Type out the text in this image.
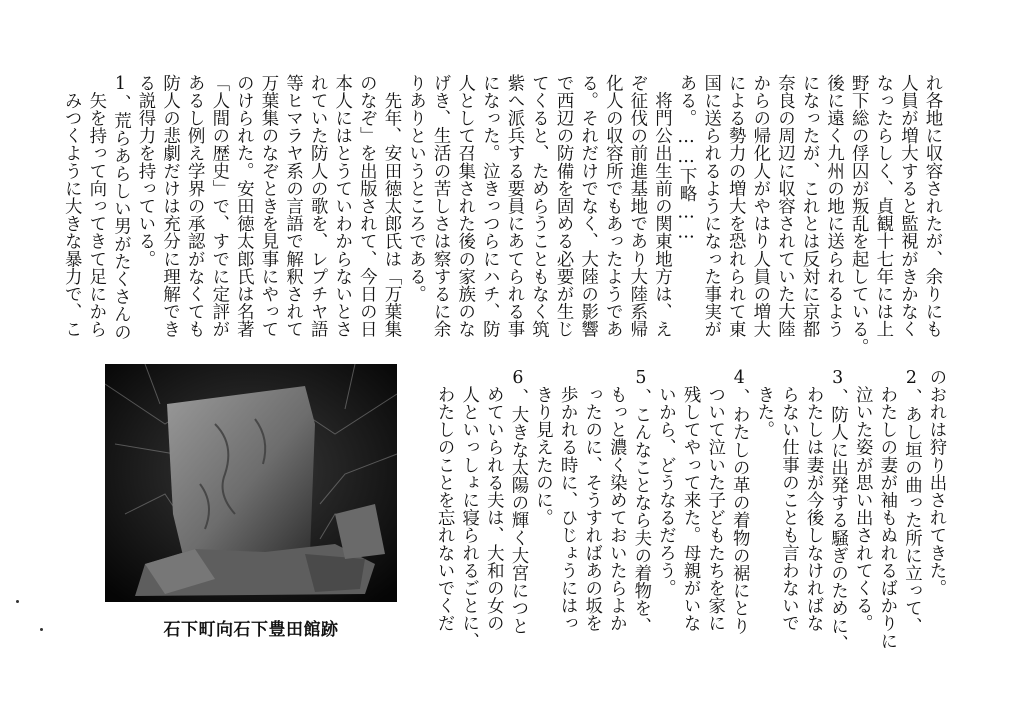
れ各地に収容されたが、余りにも
人員が増大すると監視がきかなく
なったらしく、貞観十七年には上
野下総の俘囚が叛乱を起している。
後に遠く九州の地に送られるよう
になったが、これとは反対に京都
奈良の周辺に収容されていた大陸
からの帰化人がやはり人員の増大
による勢力の増大を恐れられて東
国に送られるようになった事実が
ある。……下略……
　将門公出生前の関東地方は、え
ぞ征伐の前進基地であり大陸系帰
化人の収容所でもあったようであ
る。それだけでなく、大陸の影響
で西辺の防備を固める必要が生じ
てくると、ためらうこともなく筑
紫へ派兵する要員にあてられる事
になった。泣きっつらにハチ、防
人として召集された後の家族のな
げき、生活の苦しさは察するに余
りありというところである。
　先年、安田徳太郎氏は「万葉集
のなぞ」を出版されて、今日の日
本人にはとうていわからないとさ
れていた防人の歌を、レプチヤ語
等ヒマラヤ系の言語で解釈されて
万葉集のなぞときを見事にやって
のけられた。安田徳太郎氏は名著
「人間の歴史」で、すでに定評が
あるし例え学界の承認がなくても
防人の悲劇だけは充分に理解でき
る説得力を持っている。
1、荒らあらしい男がたくさんの
　矢を持って向ってきて足にから
　みつくように大きな暴力で、こ
のおれは狩り出されてきた。
2、あし垣の曲った所に立って、
　わたしの妻が袖もぬれるばかりに
　泣いた姿が思い出されてくる。
3、防人に出発する騒ぎのために、
　わたしは妻が今後しなければな
　らない仕事のことも言わないで
　きた。
4、わたしの革の着物の裾にとり
　ついて泣いた子どもたちを家に
　残してやって来た。母親がいな
　いから、どうなるだろう。
5、こんなことなら夫の着物を、
　もっと濃く染めておいたらよか
　ったのに、そうすればあの坂を
　歩かれる時に、ひじょうにはっ
　きり見えたのに。
6、大きな太陽の輝く大宮につと
　めていられる夫は、大和の女の
　人といっしょに寝られるごとに、
　わたしのことを忘れないでくだ
石下町向石下豊田館跡
